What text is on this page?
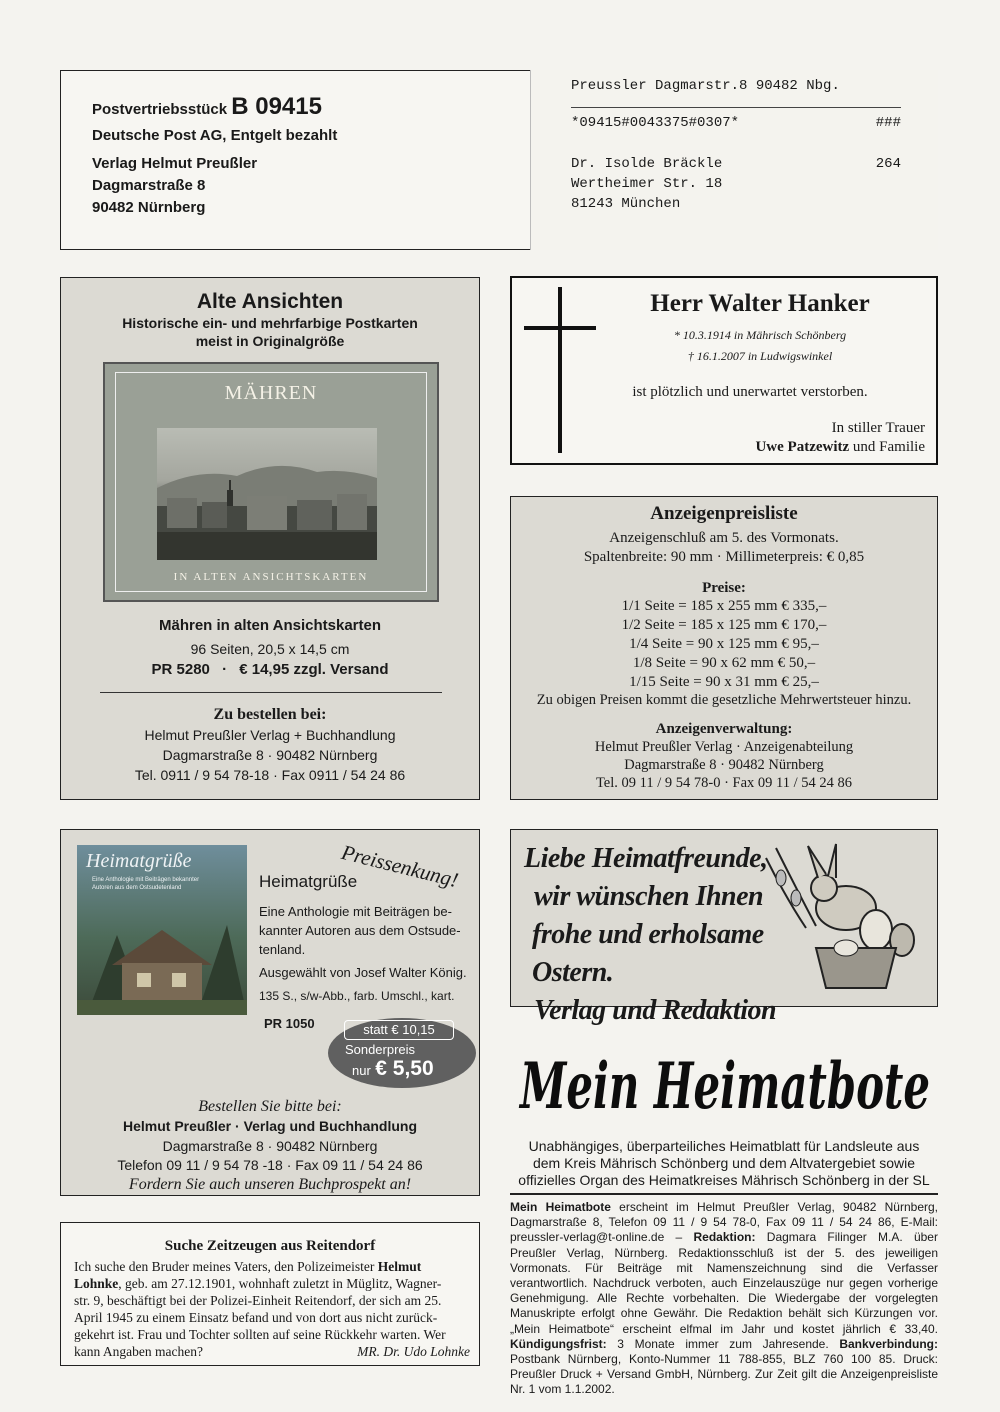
Postvertriebsstück B 09415
Deutsche Post AG, Entgelt bezahlt
Verlag Helmut Preußler
Dagmarstraße 8
90482 Nürnberg
Preussler Dagmarstr.8 90482 Nbg.
*09415#0043375#0307*	###
Dr. Isolde Bräckle	264
Wertheimer Str. 18
81243 München
Alte Ansichten
Historische ein- und mehrfarbige Postkarten
meist in Originalgröße
MÄHREN
IN ALTEN ANSICHTSKARTEN
Mähren in alten Ansichtskarten
96 Seiten, 20,5 x 14,5 cm
PR 5280 · € 14,95 zzgl. Versand
Zu bestellen bei:
Helmut Preußler Verlag + Buchhandlung
Dagmarstraße 8 · 90482 Nürnberg
Tel. 0911 / 9 54 78-18 · Fax 0911 / 54 24 86
Heimatgrüße
Eine Anthologie mit Beiträgen bekannter Autoren aus dem Ostsudetenland	Preissenkung!
Heimatgrüße
Eine Anthologie mit Beiträgen be-
kannter Autoren aus dem Ostsude-
tenland.
Ausgewählt von Josef Walter König.
135 S., s/w-Abb., farb. Umschl., kart.
PR 1050	statt € 10,15
Sonderpreis
nur € 5,50
Bestellen Sie bitte bei:
Helmut Preußler · Verlag und Buchhandlung
Dagmarstraße 8 · 90482 Nürnberg
Telefon 09 11 / 9 54 78 -18 · Fax 09 11 / 54 24 86
Fordern Sie auch unseren Buchprospekt an!
Suche Zeitzeugen aus Reitendorf
Ich suche den Bruder meines Vaters, den Polizeimeister Helmut
Lohnke, geb. am 27.12.1901, wohnhaft zuletzt in Müglitz, Wagner-
str. 9, beschäftigt bei der Polizei-Einheit Reitendorf, der sich am 25.
April 1945 zu einem Einsatz befand und von dort aus nicht zurück-
gekehrt ist. Frau und Tochter sollten auf seine Rückkehr warten. Wer
kann Angaben machen?	MR. Dr. Udo Lohnke
Herr Walter Hanker
* 10.3.1914 in Mährisch Schönberg
† 16.1.2007 in Ludwigswinkel
ist plötzlich und unerwartet verstorben.
In stiller Trauer
Uwe Patzewitz und Familie
Anzeigenpreisliste
Anzeigenschluß am 5. des Vormonats.
Spaltenbreite: 90 mm · Millimeterpreis: € 0,85
Preise:
1/1 Seite = 185 x 255 mm € 335,–
1/2 Seite = 185 x 125 mm € 170,–
1/4 Seite = 90 x 125 mm € 95,–
1/8 Seite = 90 x 62 mm € 50,–
1/15 Seite = 90 x 31 mm € 25,–
Zu obigen Preisen kommt die gesetzliche Mehrwertsteuer hinzu.
Anzeigenverwaltung:
Helmut Preußler Verlag · Anzeigenabteilung
Dagmarstraße 8 · 90482 Nürnberg
Tel. 09 11 / 9 54 78-0 · Fax 09 11 / 54 24 86
Liebe Heimatfreunde,
wir wünschen Ihnen
frohe und erholsame Ostern.
Verlag und Redaktion
Mein Heimatbote
Unabhängiges, überparteiliches Heimatblatt für Landsleute aus
dem Kreis Mährisch Schönberg und dem Altvatergebiet sowie
offizielles Organ des Heimatkreises Mährisch Schönberg in der SL
Mein Heimatbote erscheint im Helmut Preußler Verlag, 90482 Nürnberg, Dagmarstraße 8, Telefon 09 11 / 9 54 78-0, Fax 09 11 / 54 24 86, E-Mail: preussler-verlag@t-online.de – Redaktion: Dagmara Filinger M.A. über Preußler Verlag, Nürnberg. Redaktionsschluß ist der 5. des jeweiligen Vormonats. Für Beiträge mit Namenszeichnung sind die Verfasser verantwortlich. Nachdruck verboten, auch Einzelauszüge nur gegen vorherige Genehmigung. Alle Rechte vorbehalten. Die Wiedergabe der vorgelegten Manuskripte erfolgt ohne Gewähr. Die Redaktion behält sich Kürzungen vor. „Mein Heimatbote“ erscheint elfmal im Jahr und kostet jährlich € 33,40. Kündigungsfrist: 3 Monate immer zum Jahresende. Bankverbindung: Postbank Nürnberg, Konto-Nummer 11 788-855, BLZ 760 100 85. Druck: Preußler Druck + Versand GmbH, Nürnberg. Zur Zeit gilt die Anzeigenpreisliste Nr. 1 vom 1.1.2002.
